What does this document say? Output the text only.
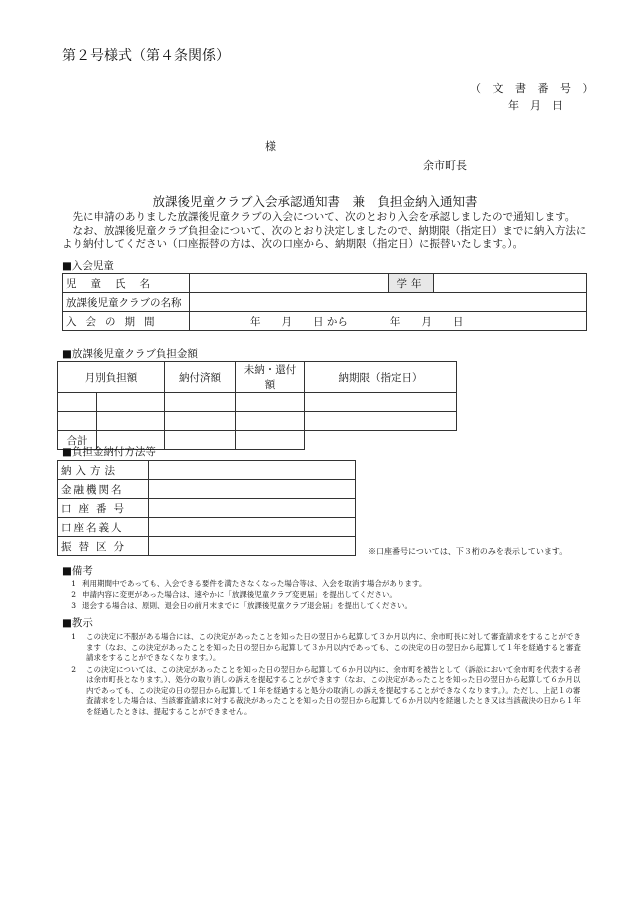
第２号様式（第４条関係）
（ 文 書 番 号 ）
年　月　日
様
余市町長
放課後児童クラブ入会承認通知書　兼　負担金納入通知書

　先に申請のありました放課後児童クラブの入会について、次のとおり入会を承認しましたので通知します。

　なお、放課後児童クラブ負担金について、次のとおり決定しましたので、納期限（指定日）までに納入方法により納付してください（口座振替の方は、次の口座から、納期限（指定日）に振替いたします。）。

■入会児童
児童氏名		学年	
放課後児童クラブの名称			
入会の期間	年　　月　　日 から　　　　年　　月　　日		
■放課後児童クラブ負担金額
月別負担額		納付済額	未納・還付額	納期限（指定日）

合計				
■負担金納付方法等
納入方法	
金融機関名	
口座番号	
口座名義人	
振替区分		※口座番号については、下３桁のみを表示しています。
■備考
1 利用期間中であっても、入会できる要件を満たさなくなった場合等は、入会を取消す場合があります。
2 申請内容に変更があった場合は、速やかに「放課後児童クラブ変更届」を提出してください。
3 退会する場合は、原則、退会日の前月末までに「放課後児童クラブ退会届」を提出してください。
■教示
1	この決定に不服がある場合には、この決定があったことを知った日の翌日から起算して３か月以内に、余市町長に対して審査請求をすることができます（なお、この決定があったことを知った日の翌日から起算して３か月以内であっても、この決定の日の翌日から起算して１年を経過すると審査請求をすることができなくなります。）。
2	この決定については、この決定があったことを知った日の翌日から起算して６か月以内に、余市町を被告として（訴訟において余市町を代表する者は余市町長となります。）、処分の取り消しの訴えを提起することができます（なお、この決定があったことを知った日の翌日から起算して６か月以内であっても、この決定の日の翌日から起算して１年を経過すると処分の取消しの訴えを提起することができなくなります。）。ただし、上記１の審査請求をした場合は、当該審査請求に対する裁決があったことを知った日の翌日から起算して６か月以内を経過したとき又は当該裁決の日から１年を経過したときは、提起することができません。
